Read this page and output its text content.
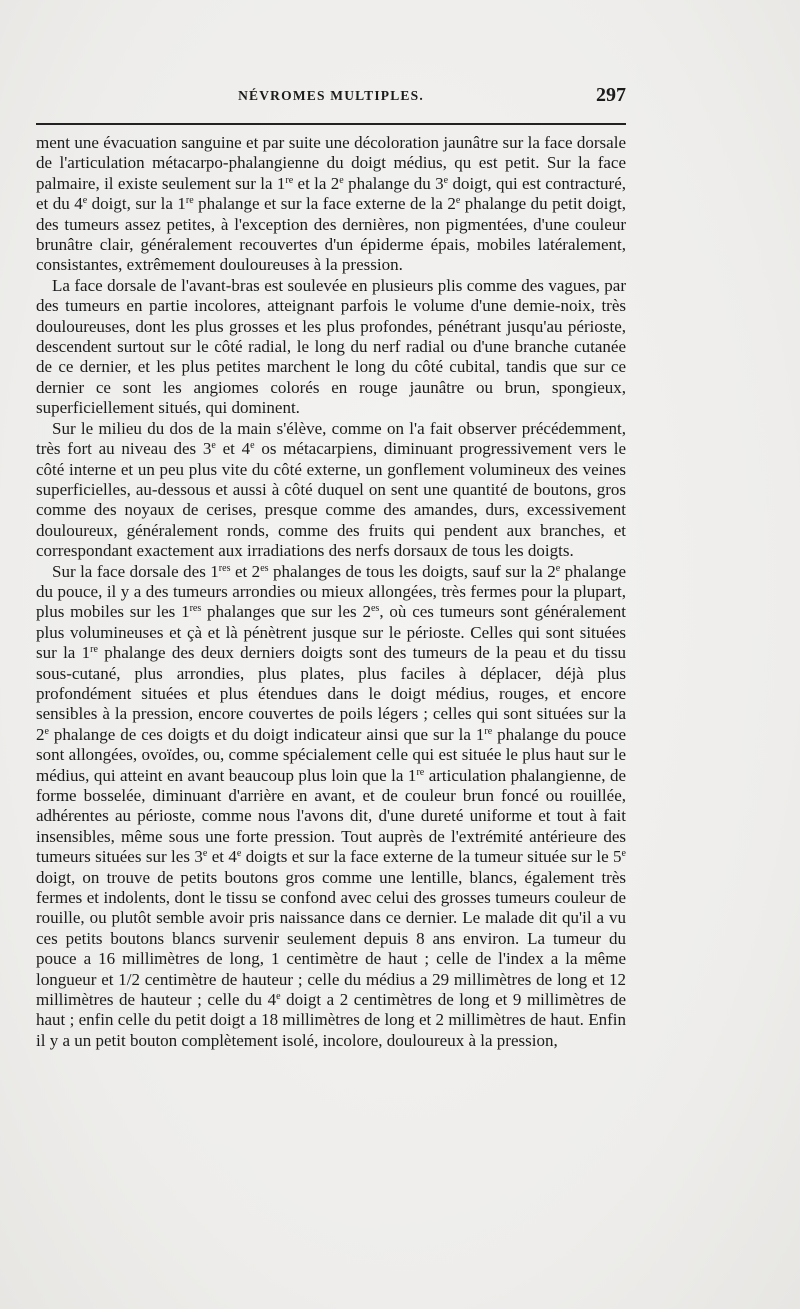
NÉVROMES MULTIPLES.	297

ment une évacuation sanguine et par suite une décoloration jaunâtre sur la face dorsale de l'articulation métacarpo-phalangienne du doigt médius, qu est petit. Sur la face palmaire, il existe seulement sur la 1re et la 2e phalange du 3e doigt, qui est contracturé, et du 4e doigt, sur la 1re phalange et sur la face externe de la 2e phalange du petit doigt, des tumeurs assez petites, à l'exception des dernières, non pigmentées, d'une couleur brunâtre clair, généralement recouvertes d'un épiderme épais, mobiles latéralement, consistantes, extrêmement douloureuses à la pression.

La face dorsale de l'avant-bras est soulevée en plusieurs plis comme des vagues, par des tumeurs en partie incolores, atteignant parfois le volume d'une demie-noix, très douloureuses, dont les plus grosses et les plus profondes, pénétrant jusqu'au périoste, descendent surtout sur le côté radial, le long du nerf radial ou d'une branche cutanée de ce dernier, et les plus petites marchent le long du côté cubital, tandis que sur ce dernier ce sont les angiomes colorés en rouge jaunâtre ou brun, spongieux, superficiellement situés, qui dominent.

Sur le milieu du dos de la main s'élève, comme on l'a fait observer précédemment, très fort au niveau des 3e et 4e os métacarpiens, diminuant progressivement vers le côté interne et un peu plus vite du côté externe, un gonflement volumineux des veines superficielles, au-dessous et aussi à côté duquel on sent une quantité de boutons, gros comme des noyaux de cerises, presque comme des amandes, durs, excessivement douloureux, généralement ronds, comme des fruits qui pendent aux branches, et correspondant exactement aux irradiations des nerfs dorsaux de tous les doigts.

Sur la face dorsale des 1res et $2^{es}$ phalanges de tous les doigts, sauf sur la 2e phalange du pouce, il y a des tumeurs arrondies ou mieux allongées, très fermes pour la plupart, plus mobiles sur les 1res phalanges que sur les $2^{es}$, où ces tumeurs sont généralement plus volumineuses et çà et là pénètrent jusque sur le périoste. Celles qui sont situées sur la 1re phalange des deux derniers doigts sont des tumeurs de la peau et du tissu sous-cutané, plus arrondies, plus plates, plus faciles à déplacer, déjà plus profondément situées et plus étendues dans le doigt médius, rouges, et encore sensibles à la pression, encore couvertes de poils légers ; celles qui sont situées sur la 2e phalange de ces doigts et du doigt indicateur ainsi que sur la 1re phalange du pouce sont allongées, ovoïdes, ou, comme spécialement celle qui est située le plus haut sur le médius, qui atteint en avant beaucoup plus loin que la 1re articulation phalangienne, de forme bosselée, diminuant d'arrière en avant, et de couleur brun foncé ou rouillée, adhérentes au périoste, comme nous l'avons dit, d'une dureté uniforme et tout à fait insensibles, même sous une forte pression. Tout auprès de l'extrémité antérieure des tumeurs situées sur les 3e et 4e doigts et sur la face externe de la tumeur située sur le 5e doigt, on trouve de petits boutons gros comme une lentille, blancs, également très fermes et indolents, dont le tissu se confond avec celui des grosses tumeurs couleur de rouille, ou plutôt semble avoir pris naissance dans ce dernier. Le malade dit qu'il a vu ces petits boutons blancs survenir seulement depuis 8 ans environ. La tumeur du pouce a 16 millimètres de long, 1 centimètre de haut ; celle de l'index a la même longueur et 1/2 centimètre de hauteur ; celle du médius a 29 millimètres de long et 12 millimètres de hauteur ; celle du 4e doigt a 2 centimètres de long et 9 millimètres de haut ; enfin celle du petit doigt a 18 millimètres de long et 2 millimètres de haut. Enfin il y a un petit bouton complètement isolé, incolore, douloureux à la pression,
